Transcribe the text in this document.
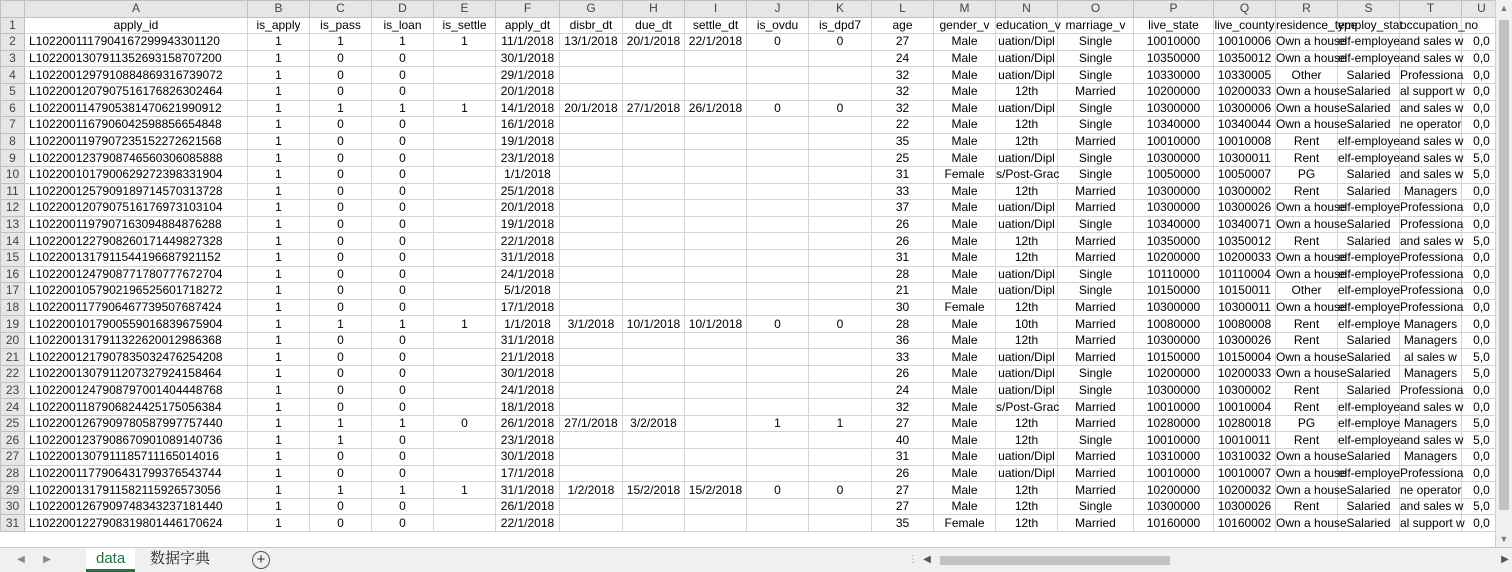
	A	B	C	D	E	F	G	H	I	J	K	L	M	N	O	P	Q	R	S	T	U
1	apply_id	is_apply	is_pass	is_loan	is_settle	apply_dt	disbr_dt	due_dt	settle_dt	is_ovdu	is_dpd7	age	gender_v	education_v	marriage_v	live_state	live_county	residence_type	employ_stat	occupation_no	
2	L1022001117904167299943301120	1	1	1	1	11/1/2018	13/1/2018	20/1/2018	22/1/2018	0	0	27	Male	uation/Dipl	Single	10010000	10010006	Own a house	elf-employe	and sales w	0,0
3	L1022001307911352693158707200	1	0	0		30/1/2018						24	Male	uation/Dipl	Single	10350000	10350012	Own a house	elf-employe	and sales w	0,0
4	L1022001297910884869316739072	1	0	0		29/1/2018						32	Male	uation/Dipl	Single	10330000	10330005	Other	Salaried	Professiona	0,0
5	L1022001207907516176826302464	1	0	0		20/1/2018						32	Male	12th	Married	10200000	10200033	Own a house	Salaried	al support w	0,0
6	L1022001147905381470621990912	1	1	1	1	14/1/2018	20/1/2018	27/1/2018	26/1/2018	0	0	32	Male	uation/Dipl	Single	10300000	10300006	Own a house	Salaried	and sales w	0,0
7	L1022001167906042598856654848	1	0	0		16/1/2018						22	Male	12th	Single	10340000	10340044	Own a house	Salaried	ne operator	0,0
8	L1022001197907235152272621568	1	0	0		19/1/2018						35	Male	12th	Married	10010000	10010008	Rent	elf-employe	and sales w	0,0
9	L1022001237908746560306085888	1	0	0		23/1/2018						25	Male	uation/Dipl	Single	10300000	10300011	Rent	elf-employe	and sales w	5,0
10	L1022001017900629272398331904	1	0	0		1/1/2018						31	Female	s/Post-Grac	Single	10050000	10050007	PG	Salaried	and sales w	5,0
11	L1022001257909189714570313728	1	0	0		25/1/2018						33	Male	12th	Married	10300000	10300002	Rent	Salaried	Managers	0,0
12	L1022001207907516176973103104	1	0	0		20/1/2018						37	Male	uation/Dipl	Married	10300000	10300026	Own a house	elf-employe	Professiona	0,0
13	L1022001197907163094884876288	1	0	0		19/1/2018						26	Male	uation/Dipl	Single	10340000	10340071	Own a house	Salaried	Professiona	0,0
14	L1022001227908260171449827328	1	0	0		22/1/2018						26	Male	12th	Married	10350000	10350012	Rent	Salaried	and sales w	5,0
15	L1022001317911544196687921152	1	0	0		31/1/2018						31	Male	12th	Married	10200000	10200033	Own a house	elf-employe	Professiona	0,0
16	L1022001247908771780777672704	1	0	0		24/1/2018						28	Male	uation/Dipl	Single	10110000	10110004	Own a house	elf-employe	Professiona	0,0
17	L1022001057902196525601718272	1	0	0		5/1/2018						21	Male	uation/Dipl	Single	10150000	10150011	Other	elf-employe	Professiona	0,0
18	L1022001177906467739507687424	1	0	0		17/1/2018						30	Female	12th	Married	10300000	10300011	Own a house	elf-employe	Professiona	0,0
19	L1022001017900559016839675904	1	1	1	1	1/1/2018	3/1/2018	10/1/2018	10/1/2018	0	0	28	Male	10th	Married	10080000	10080008	Rent	elf-employe	Managers	0,0
20	L1022001317911322620012986368	1	0	0		31/1/2018						36	Male	12th	Married	10300000	10300026	Rent	Salaried	Managers	0,0
21	L1022001217907835032476254208	1	0	0		21/1/2018						33	Male	uation/Dipl	Married	10150000	10150004	Own a house	Salaried	al sales w	5,0
22	L1022001307911207327924158464	1	0	0		30/1/2018						26	Male	uation/Dipl	Single	10200000	10200033	Own a house	Salaried	Managers	5,0
23	L1022001247908797001404448768	1	0	0		24/1/2018						24	Male	uation/Dipl	Single	10300000	10300002	Rent	Salaried	Professiona	0,0
24	L1022001187906824425175056384	1	0	0		18/1/2018						32	Male	s/Post-Grac	Married	10010000	10010004	Rent	elf-employe	and sales w	0,0
25	L1022001267909780587997757440	1	1	1	0	26/1/2018	27/1/2018	3/2/2018		1	1	27	Male	12th	Married	10280000	10280018	PG	elf-employe	Managers	5,0
26	L1022001237908670901089140736	1	1	0		23/1/2018						40	Male	12th	Single	10010000	10010011	Rent	elf-employe	and sales w	5,0
27	L1022001307911185711165014016	1	0	0		30/1/2018						31	Male	uation/Dipl	Married	10310000	10310032	Own a house	Salaried	Managers	0,0
28	L1022001177906431799376543744	1	0	0		17/1/2018						26	Male	uation/Dipl	Married	10010000	10010007	Own a house	elf-employe	Professiona	0,0
29	L1022001317911582115926573056	1	1	1	1	31/1/2018	1/2/2018	15/2/2018	15/2/2018	0	0	27	Male	12th	Married	10200000	10200032	Own a house	Salaried	ne operator	0,0
30	L1022001267909748343237181440	1	0	0		26/1/2018						27	Male	12th	Single	10300000	10300026	Rent	Salaried	and sales w	5,0
31	L1022001227908319801446170624	1	0	0		22/1/2018						35	Female	12th	Married	10160000	10160002	Own a house	Salaried	al support w	0,0
▲
▼
◀	▶	data	数据字典	+	⋮ ◀	▶
